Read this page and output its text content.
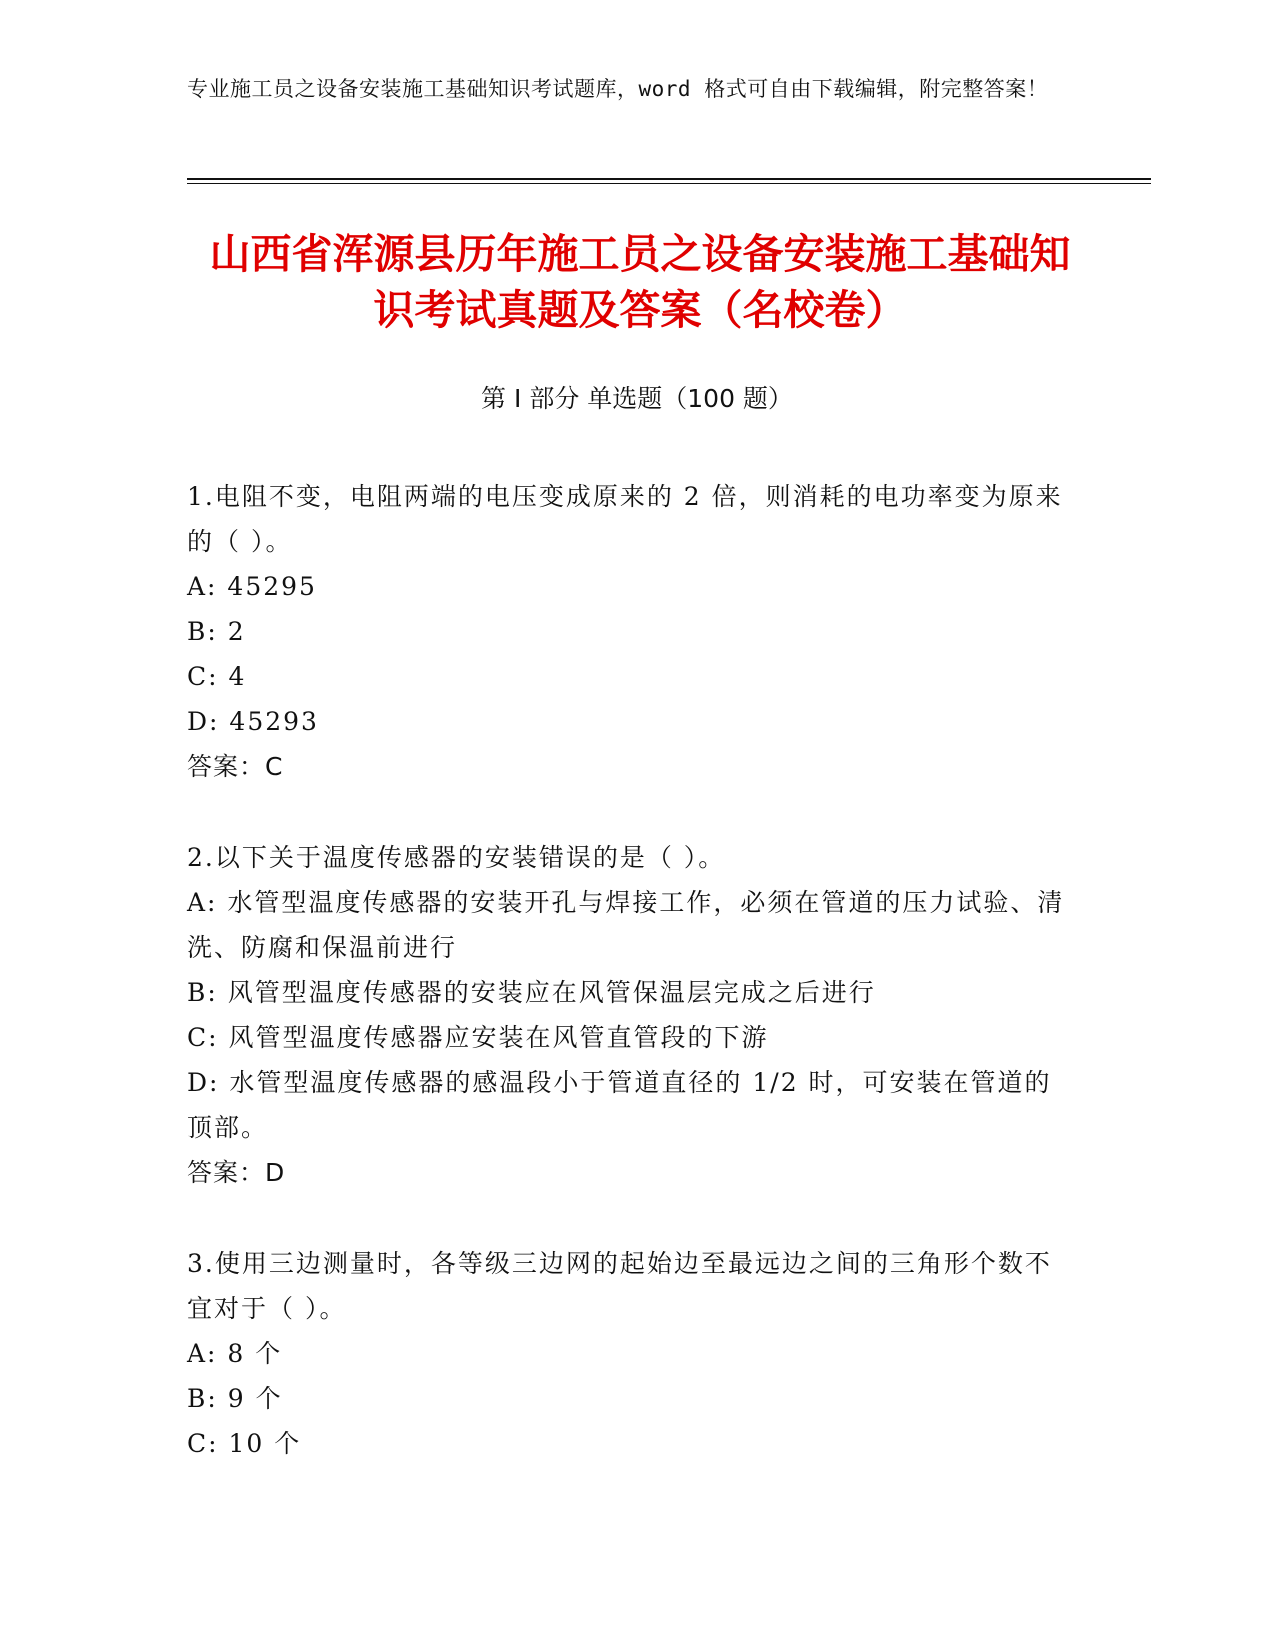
专业施工员之设备安装施工基础知识考试题库，word 格式可自由下载编辑，附完整答案！
山西省浑源县历年施工员之设备安装施工基础知识考试真题及答案（名校卷）
第 I 部分 单选题（100 题）

1.电阻不变，电阻两端的电压变成原来的 2 倍，则消耗的电功率变为原来的（ ）。

A: 45295

B: 2

C: 4

D: 45293

答案：C

2.以下关于温度传感器的安装错误的是（ ）。

A: 水管型温度传感器的安装开孔与焊接工作，必须在管道的压力试验、清洗、防腐和保温前进行

B: 风管型温度传感器的安装应在风管保温层完成之后进行

C: 风管型温度传感器应安装在风管直管段的下游

D: 水管型温度传感器的感温段小于管道直径的 1/2 时，可安装在管道的顶部。

答案：D

3.使用三边测量时，各等级三边网的起始边至最远边之间的三角形个数不宜对于（ ）。

A: 8 个

B: 9 个

C: 10 个
